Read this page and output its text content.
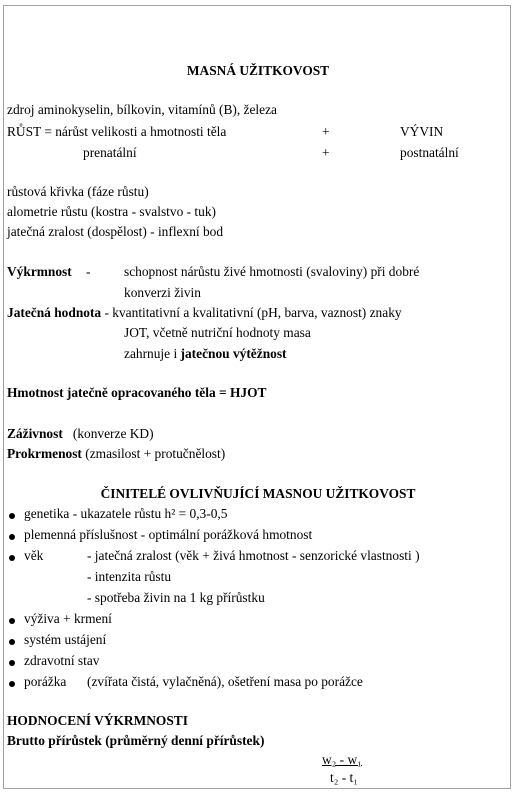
MASNÁ UŽITKOVOST
zdroj aminokyselin, bílkovin, vitamínů (B), železa
RŮST = nárůst velikosti a hmotnosti těla	+	VÝVIN
prenatální	+	postnatální
růstová křivka (fáze růstu)
alometrie růstu (kostra - svalstvo - tuk)
jatečná zralost (dospělost) - inflexní bod
Výkrmnost -	schopnost nárůstu živé hmotnosti (svaloviny) při dobré
konverzi živin
Jatečná hodnota - kvantitativní a kvalitativní (pH, barva, vaznost) znaky
JOT, včetně nutriční hodnoty masa
zahrnuje i jatečnou výtěžnost
Hmotnost jatečně opracovaného těla = HJOT
Záživnost (konverze KD)
Prokrmenost (zmasilost + protučnělost)
ČINITELÉ OVLIVŇUJÍCÍ MASNOU UŽITKOVOST
genetika - ukazatele růstu h² = 0,3-0,5
plemenná příslušnost - optimální porážková hmotnost
věk	- jatečná zralost (věk + živá hmotnost - senzorické vlastnosti )
- intenzita růstu
- spotřeba živin na 1 kg přírůstku
výživa + krmení
systém ustájení
zdravotní stav
porážka (zvířata čistá, vylačněná), ošetření masa po porážce
HODNOCENÍ VÝKRMNOSTI
Brutto přírůstek (průměrný denní přírůstek)
w₂ - w₁
t₂ - t₁
